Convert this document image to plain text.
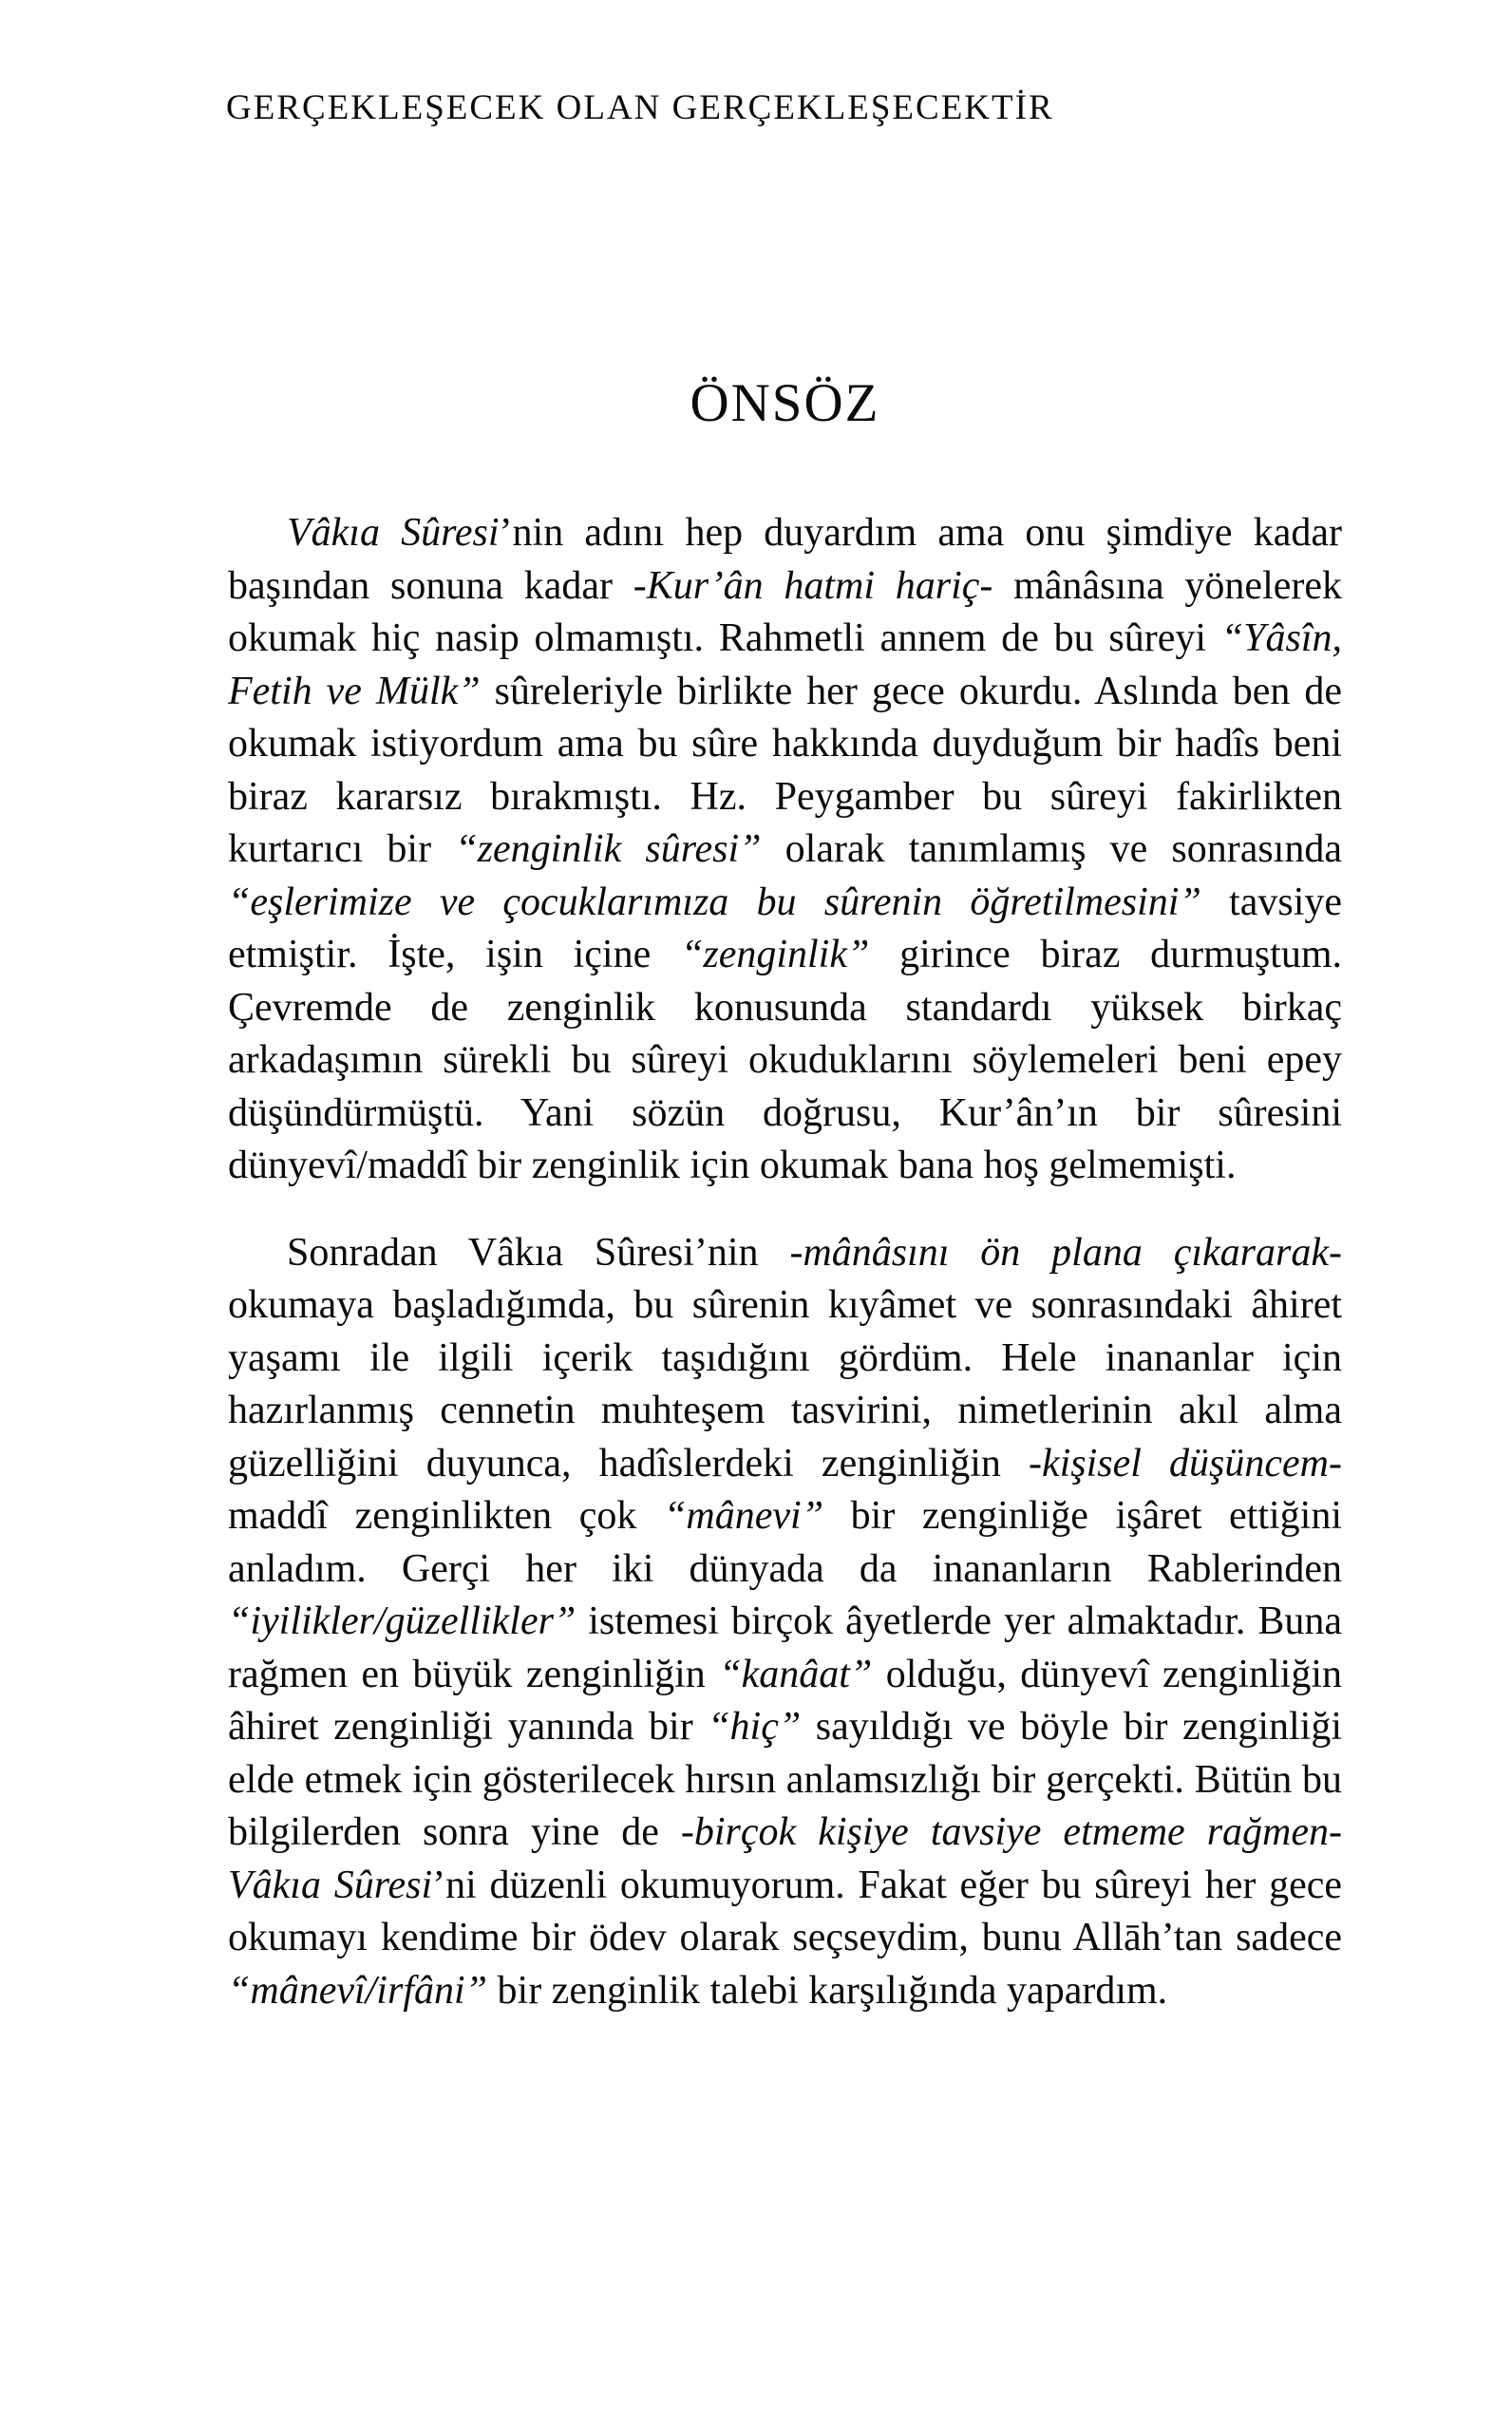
GERÇEKLEŞECEK OLAN GERÇEKLEŞECEKTİR
ÖNSÖZ

Vâkıa Sûresi’nin adını hep duyardım ama onu şimdiye kadar başından sonuna kadar -Kur’ân hatmi hariç- mânâsına yönelerek okumak hiç nasip olmamıştı. Rahmetli annem de bu sûreyi “Yâsîn, Fetih ve Mülk” sûreleriyle birlikte her gece okurdu. Aslında ben de okumak istiyordum ama bu sûre hakkında duyduğum bir hadîs beni biraz kararsız bırakmıştı. Hz. Peygamber bu sûreyi fakirlikten kurtarıcı bir “zenginlik sûresi” olarak tanımlamış ve sonrasında “eşlerimize ve çocuklarımıza bu sûrenin öğretilmesini” tavsiye etmiştir. İşte, işin içine “zenginlik” girince biraz durmuştum. Çevremde de zenginlik konusunda standardı yüksek birkaç arkadaşımın sürekli bu sûreyi okuduklarını söylemeleri beni epey düşündürmüştü. Yani sözün doğrusu, Kur’ân’ın bir sûresini dünyevî/maddî bir zenginlik için okumak bana hoş gelmemişti.

Sonradan Vâkıa Sûresi’nin -mânâsını ön plana çıkararak- okumaya başladığımda, bu sûrenin kıyâmet ve sonrasındaki âhiret yaşamı ile ilgili içerik taşıdığını gördüm. Hele inananlar için hazırlanmış cennetin muhteşem tasvirini, nimetlerinin akıl alma güzelliğini duyunca, hadîslerdeki zenginliğin -kişisel düşüncem- maddî zenginlikten çok “mânevi” bir zenginliğe işâret ettiğini anladım. Gerçi her iki dünyada da inananların Rablerinden “iyilikler/güzellikler” istemesi birçok âyetlerde yer almaktadır. Buna rağmen en büyük zenginliğin “kanâat” olduğu, dünyevî zenginliğin âhiret zenginliği yanında bir “hiç” sayıldığı ve böyle bir zenginliği elde etmek için gösterilecek hırsın anlamsızlığı bir gerçekti. Bütün bu bilgilerden sonra yine de -birçok kişiye tavsiye etmeme rağmen- Vâkıa Sûresi’ni düzenli okumuyorum. Fakat eğer bu sûreyi her gece okumayı kendime bir ödev olarak seçseydim, bunu Allāh’tan sadece “mânevî/irfâni” bir zenginlik talebi karşılığında yapardım.
